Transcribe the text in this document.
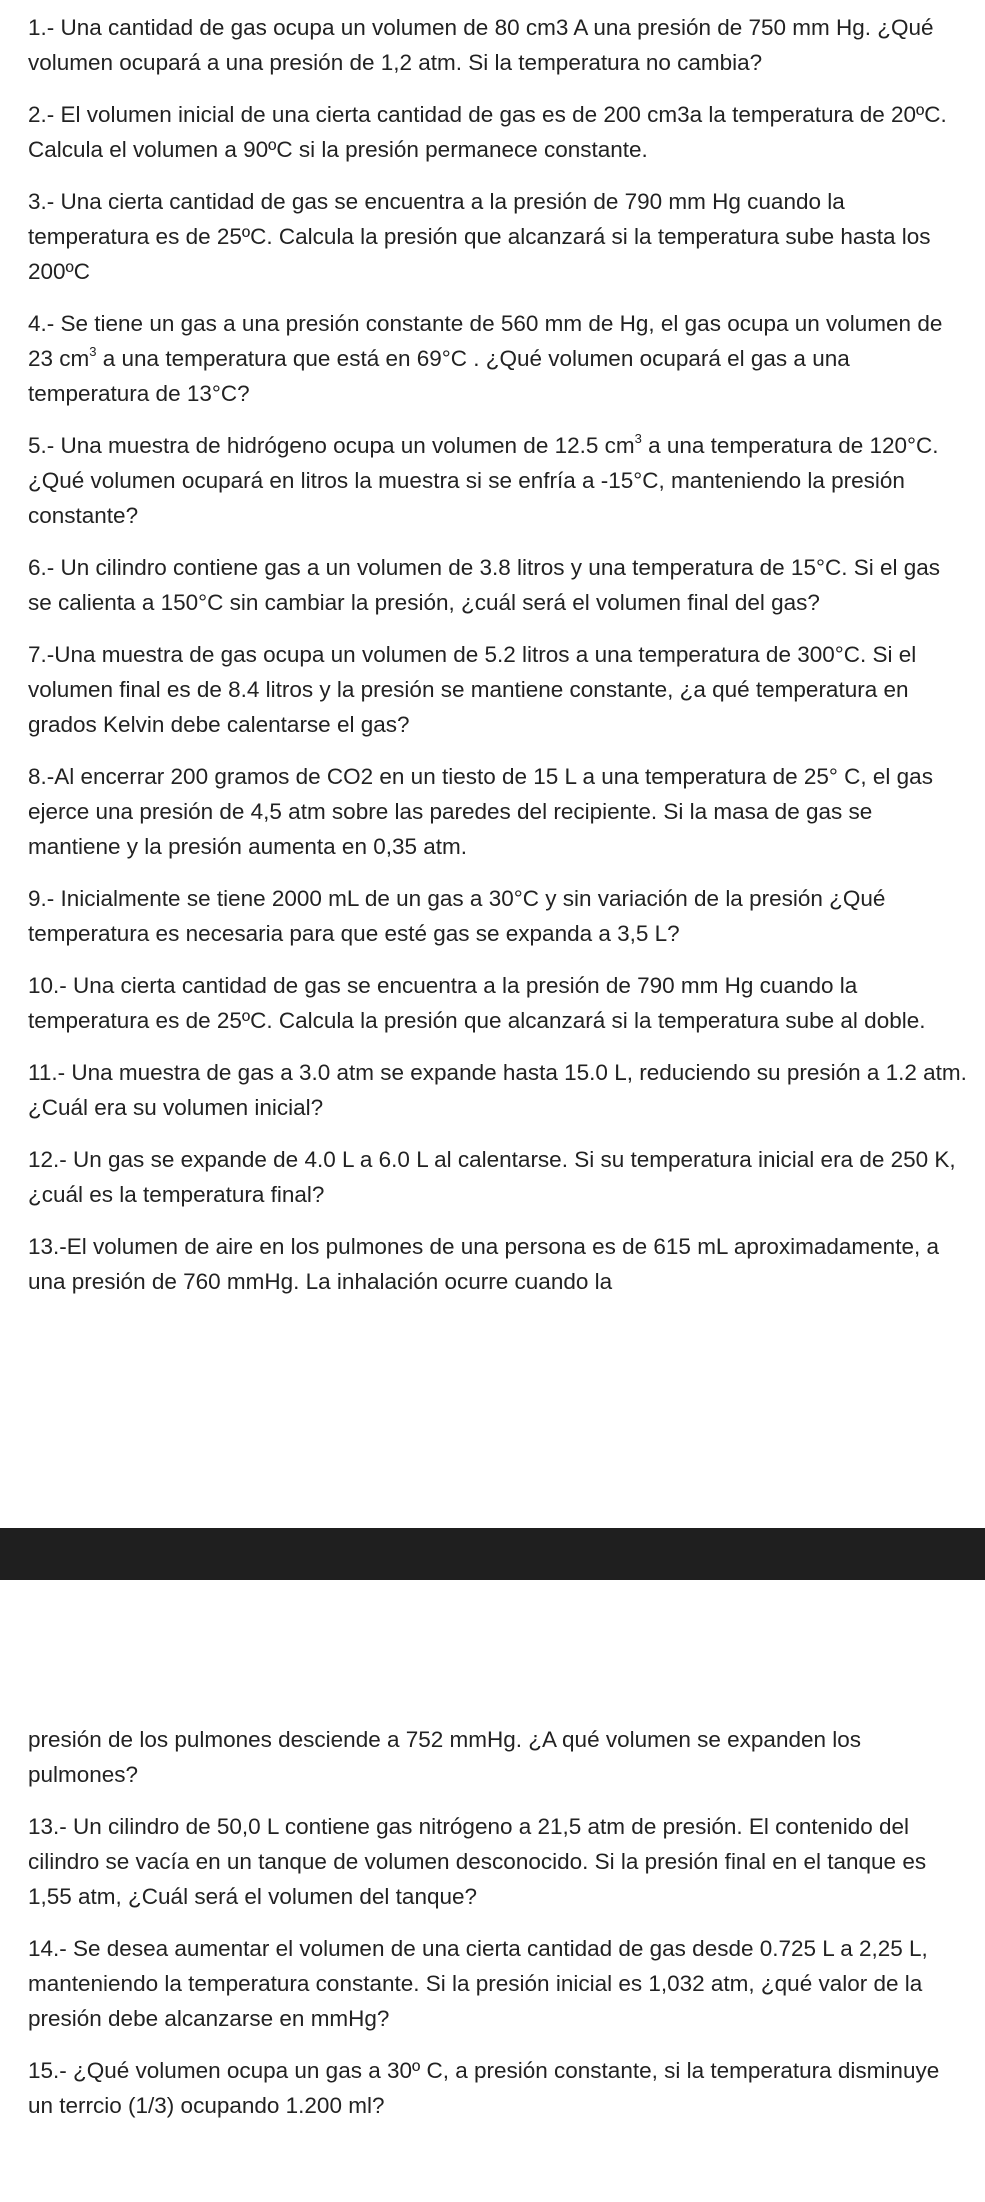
1.- Una cantidad de gas ocupa un volumen de 80 cm3 A una presión de 750 mm Hg. ¿Qué volumen ocupará a una presión de 1,2 atm. Si la temperatura no cambia?

2.- El volumen inicial de una cierta cantidad de gas es de 200 cm3a la temperatura de 20ºC. Calcula el volumen a 90ºC si la presión permanece constante.

3.- Una cierta cantidad de gas se encuentra a la presión de 790 mm Hg cuando la temperatura es de 25ºC. Calcula la presión que alcanzará si la temperatura sube hasta los 200ºC

4.- Se tiene un gas a una presión constante de 560 mm de Hg, el gas ocupa un volumen de 23 $cm^3$ a una temperatura que está en 69°C . ¿Qué volumen ocupará el gas a una temperatura de 13°C?

5.- Una muestra de hidrógeno ocupa un volumen de 12.5 $cm^3$ a una temperatura de 120°C. ¿Qué volumen ocupará en litros la muestra si se enfría a -15°C, manteniendo la presión constante?

6.- Un cilindro contiene gas a un volumen de 3.8 litros y una temperatura de 15°C. Si el gas se calienta a 150°C sin cambiar la presión, ¿cuál será el volumen final del gas?

7.-Una muestra de gas ocupa un volumen de 5.2 litros a una temperatura de 300°C. Si el volumen final es de 8.4 litros y la presión se mantiene constante, ¿a qué temperatura en grados Kelvin debe calentarse el gas?

8.-Al encerrar 200 gramos de CO2 en un tiesto de 15 L a una temperatura de 25° C, el gas ejerce una presión de 4,5 atm sobre las paredes del recipiente. Si la masa de gas se mantiene y la presión aumenta en 0,35 atm.

9.- Inicialmente se tiene 2000 mL de un gas a 30°C y sin variación de la presión ¿Qué temperatura es necesaria para que esté gas se expanda a 3,5 L?

10.- Una cierta cantidad de gas se encuentra a la presión de 790 mm Hg cuando la temperatura es de 25ºC. Calcula la presión que alcanzará si la temperatura sube al doble.

11.- Una muestra de gas a 3.0 atm se expande hasta 15.0 L, reduciendo su presión a 1.2 atm. ¿Cuál era su volumen inicial?

12.- Un gas se expande de 4.0 L a 6.0 L al calentarse. Si su temperatura inicial era de 250 K, ¿cuál es la temperatura final?

13.-El volumen de aire en los pulmones de una persona es de 615 mL aproximadamente, a una presión de 760 mmHg. La inhalación ocurre cuando la

presión de los pulmones desciende a 752 mmHg. ¿A qué volumen se expanden los pulmones?

13.- Un cilindro de 50,0 L contiene gas nitrógeno a 21,5 atm de presión. El contenido del cilindro se vacía en un tanque de volumen desconocido. Si la presión final en el tanque es 1,55 atm, ¿Cuál será el volumen del tanque?

14.- Se desea aumentar el volumen de una cierta cantidad de gas desde 0.725 L a 2,25 L, manteniendo la temperatura constante. Si la presión inicial es 1,032 atm, ¿qué valor de la presión debe alcanzarse en mmHg?

15.- ¿Qué volumen ocupa un gas a 30º C, a presión constante, si la temperatura disminuye un terrcio (1/3) ocupando 1.200 ml?
